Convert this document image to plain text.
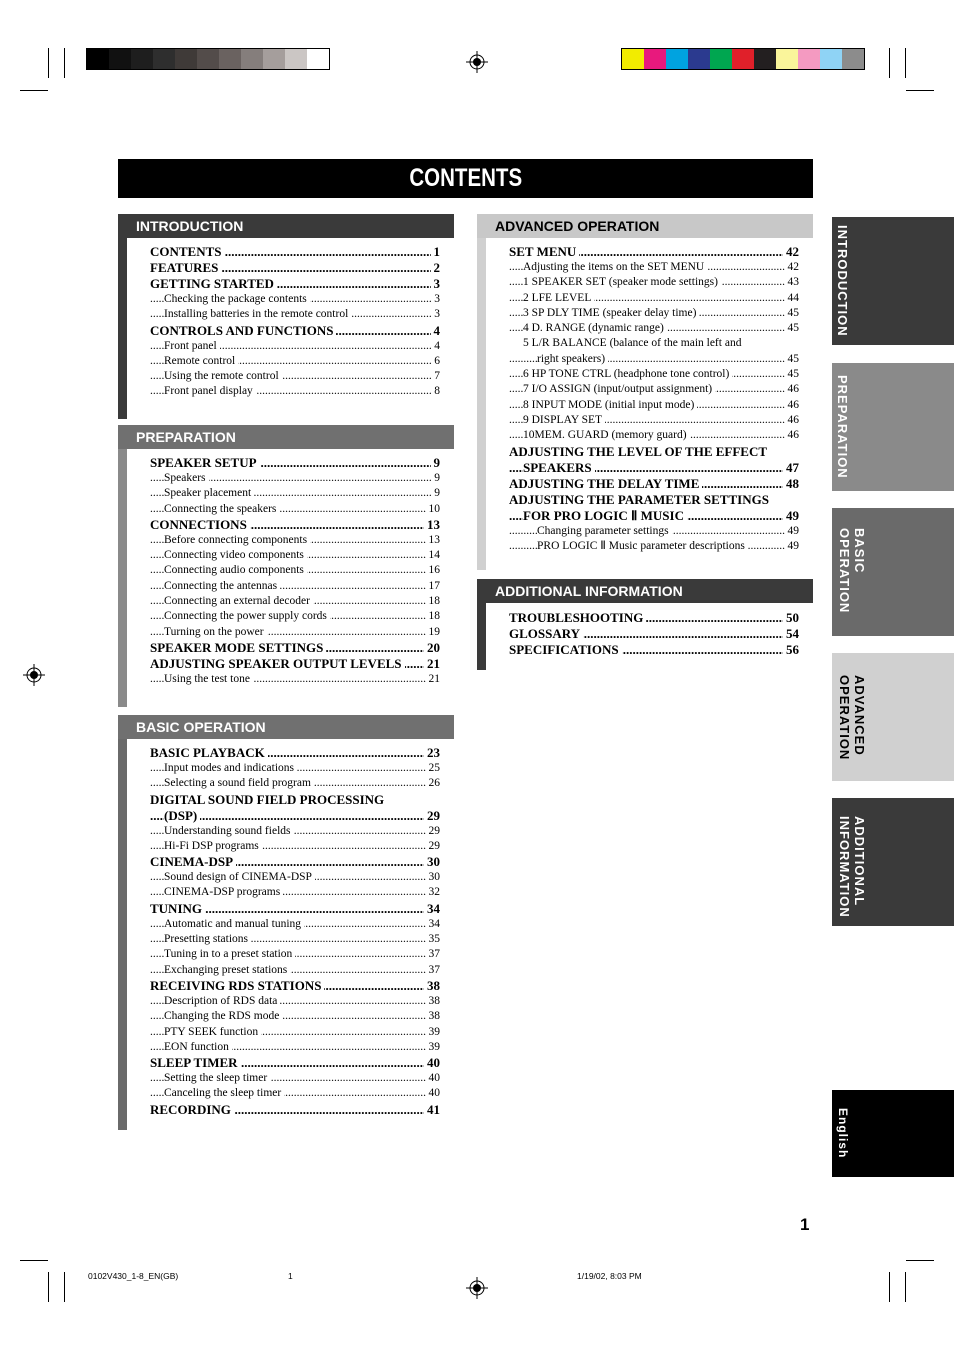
CONTENTS
INTRODUCTION
CONTENTS	1
.....
FEATURES	2
.....
GETTING STARTED	3
.....
Checking the package contents	3
.....
Installing batteries in the remote control	3
.....
CONTROLS AND FUNCTIONS	4
.....
Front panel	4
.....
Remote control	6
.....
Using the remote control	7
.....
Front panel display	8
.....
PREPARATION
SPEAKER SETUP	9
.....
Speakers	9
.....
Speaker placement	9
.....
Connecting the speakers	10
.....
CONNECTIONS	13
.....
Before connecting components	13
.....
Connecting video components	14
.....
Connecting audio components	16
.....
Connecting the antennas	17
.....
Connecting an external decoder	18
.....
Connecting the power supply cords	18
.....
Turning on the power	19
.....
SPEAKER MODE SETTINGS	20
.....
ADJUSTING SPEAKER OUTPUT LEVELS 21
.....
Using the test tone	21
.....
BASIC OPERATION
BASIC PLAYBACK	23
.....
Input modes and indications	25
.....
Selecting a sound field program	26
.....
DIGITAL SOUND FIELD PROCESSING
(DSP)	29
.....
Understanding sound fields	29
.....
Hi-Fi DSP programs	29
.....
CINEMA-DSP	30
.....
Sound design of CINEMA-DSP	30
.....
CINEMA-DSP programs	32
.....
TUNING	34
.....
Automatic and manual tuning	34
.....
Presetting stations	35
.....
Tuning in to a preset station	37
.....
Exchanging preset stations	37
.....
RECEIVING RDS STATIONS	38
.....
Description of RDS data	38
.....
Changing the RDS mode	38
.....
PTY SEEK function	39
.....
EON function	39
.....
SLEEP TIMER	40
.....
Setting the sleep timer	40
.....
Canceling the sleep timer	40
.....
RECORDING	41
.....
ADVANCED OPERATION
SET MENU	42
.....
Adjusting the items on the SET MENU	42
.....
1 SPEAKER SET (speaker mode settings)	43
.....
2 LFE LEVEL	44
.....
3 SP DLY TIME (speaker delay time)	45
.....
4 D. RANGE (dynamic range)	45
.....
5 L/R BALANCE (balance of the main left and
right speakers)	45
.....
6 HP TONE CTRL (headphone tone control)	45
.....
7 I/O ASSIGN (input/output assignment)	46
.....
8 INPUT MODE (initial input mode)	46
.....
9 DISPLAY SET	46
.....
10MEM. GUARD (memory guard)	46
.....
ADJUSTING THE LEVEL OF THE EFFECT
SPEAKERS	47
.....
ADJUSTING THE DELAY TIME	48
.....
ADJUSTING THE PARAMETER SETTINGS
FOR PRO LOGIC Ⅱ MUSIC	49
.....
Changing parameter settings	49
.....
PRO LOGIC Ⅱ Music parameter descriptions	49
.....
ADDITIONAL INFORMATION
TROUBLESHOOTING	50
.....
GLOSSARY	54
.....
SPECIFICATIONS	56
.....
INTRODUCTION
PREPARATION
BASIC OPERATION
ADVANCED OPERATION
ADDITIONAL INFORMATION
English
1
0102V430_1-8_EN(GB)	1	1/19/02, 8:03 PM
